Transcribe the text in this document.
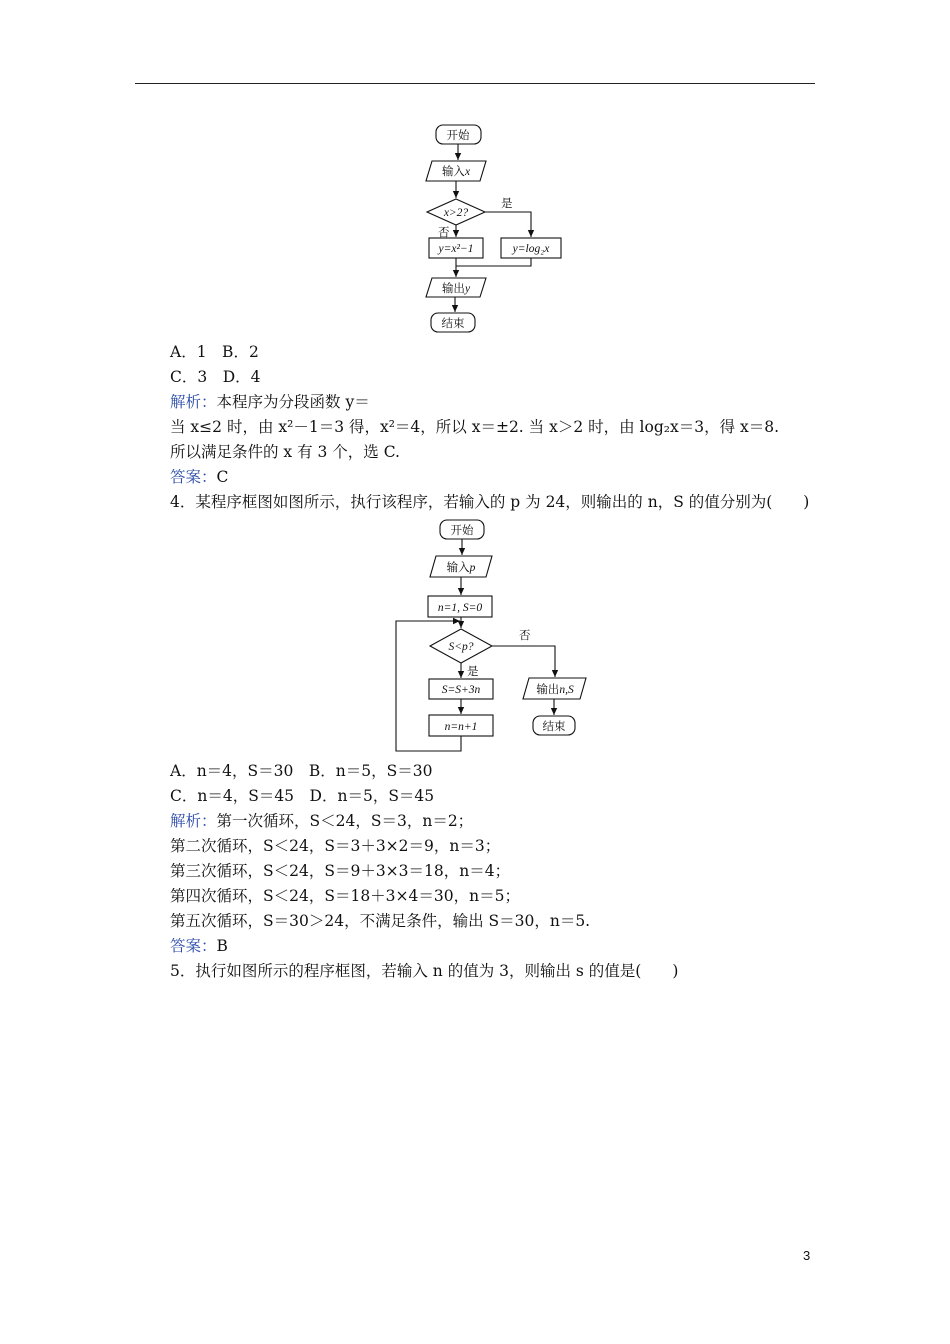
开始
输入x
x>2?
是
否
y=x²−1	y=log₂x
输出y
结束
A．1　B．2
C．3　D．4
解析：本程序为分段函数 y＝
当 x≤2 时，由 x²－1＝3 得，x²＝4，所以 x＝±2. 当 x＞2 时，由 log₂x＝3，得 x＝8.
所以满足条件的 x 有 3 个，选 C.
答案：C
4．某程序框图如图所示，执行该程序，若输入的 p 为 24，则输出的 n，S 的值分别为(　　)
开始
输入p
n=1, S=0
S<p?
否
是
S=S+3n
n=n+1
输出n,S
结束
A．n＝4，S＝30　B．n＝5，S＝30
C．n＝4，S＝45　D．n＝5，S＝45
解析：第一次循环，S＜24，S＝3，n＝2；
第二次循环，S＜24，S＝3＋3×2＝9，n＝3；
第三次循环，S＜24，S＝9＋3×3＝18，n＝4；
第四次循环，S＜24，S＝18＋3×4＝30，n＝5；
第五次循环，S＝30＞24，不满足条件，输出 S＝30，n＝5.
答案：B
5．执行如图所示的程序框图，若输入 n 的值为 3，则输出 s 的值是(　　)
3
